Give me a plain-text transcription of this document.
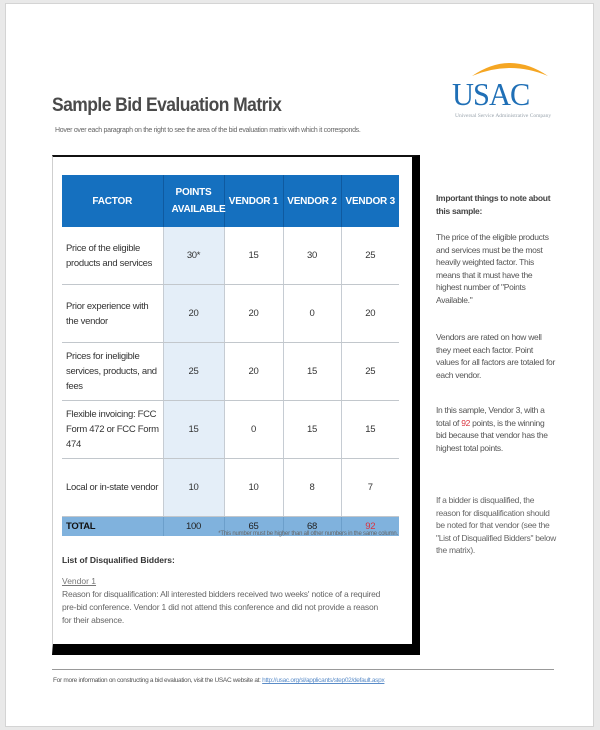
Sample Bid Evaluation Matrix
Hover over each paragraph on the right to see the area of the bid evaluation matrix with which it corresponds.
USAC
Universal Service Administrative Company
FACTOR	POINTS AVAILABLE	VENDOR 1	VENDOR 2	VENDOR 3
Price of the eligible products and services	30*	15	30	25
Prior experience with the vendor	20	20	0	20
Prices for ineligible services, products, and fees	25	20	15	25
Flexible invoicing: FCC Form 472 or FCC Form 474	15	0	15	15
Local or in-state vendor	10	10	8	7
TOTAL	100	65	68	92
*This number must be higher than all other numbers in the same column.
List of Disqualified Bidders:
Vendor 1
Reason for disqualification: All interested bidders received two weeks' notice of a required pre-bid conference. Vendor 1 did not attend this conference and did not provide a reason for their absence.
Important things to note about this sample:
The price of the eligible products and services must be the most heavily weighted factor. This means that it must have the highest number of "Points Available."
Vendors are rated on how well they meet each factor. Point values for all factors are totaled for each vendor.
In this sample, Vendor 3, with a total of 92 points, is the winning bid because that vendor has the highest total points.
If a bidder is disqualified, the reason for disqualification should be noted for that vendor (see the "List of Disqualified Bidders" below the matrix).
For more information on constructing a bid evaluation, visit the USAC website at: http://usac.org/sl/applicants/step02/default.aspx
